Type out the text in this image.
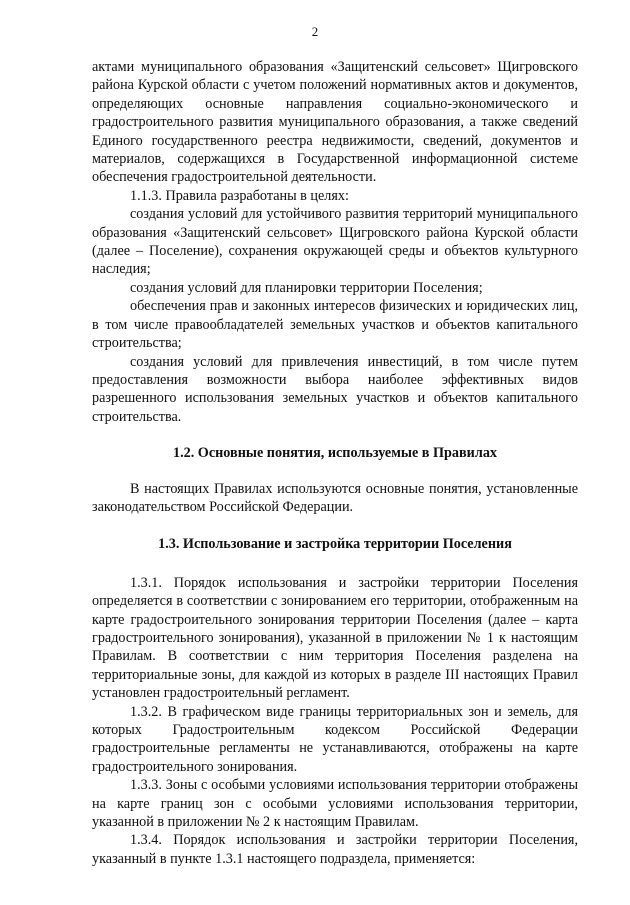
2

актами муниципального образования «Защитенский сельсовет» Щигровского района Курской области с учетом положений нормативных актов и документов, определяющих основные направления социально-экономического и градостроительного развития муниципального образования, а также сведений Единого государственного реестра недвижимости, сведений, документов и материалов, содержащихся в Государственной информационной системе обеспечения градостроительной деятельности.

1.1.3. Правила разработаны в целях:

создания условий для устойчивого развития территорий муниципального образования «Защитенский сельсовет» Щигровского района Курской области (далее – Поселение), сохранения окружающей среды и объектов культурного наследия;

создания условий для планировки территории Поселения;

обеспечения прав и законных интересов физических и юридических лиц, в том числе правообладателей земельных участков и объектов капитального строительства;

создания условий для привлечения инвестиций, в том числе путем предоставления возможности выбора наиболее эффективных видов разрешенного использования земельных участков и объектов капитального строительства.

1.2. Основные понятия, используемые в Правилах

В настоящих Правилах используются основные понятия, установленные законодательством Российской Федерации.

1.3. Использование и застройка территории Поселения

1.3.1. Порядок использования и застройки территории Поселения определяется в соответствии с зонированием его территории, отображенным на карте градостроительного зонирования территории Поселения (далее – карта градостроительного зонирования), указанной в приложении № 1 к настоящим Правилам. В соответствии с ним территория Поселения разделена на территориальные зоны, для каждой из которых в разделе III настоящих Правил установлен градостроительный регламент.

1.3.2. В графическом виде границы территориальных зон и земель, для которых Градостроительным кодексом Российской Федерации градостроительные регламенты не устанавливаются, отображены на карте градостроительного зонирования.

1.3.3. Зоны с особыми условиями использования территории отображены на карте границ зон с особыми условиями использования территории, указанной в приложении № 2 к настоящим Правилам.

1.3.4. Порядок использования и застройки территории Поселения, указанный в пункте 1.3.1 настоящего подраздела, применяется:
